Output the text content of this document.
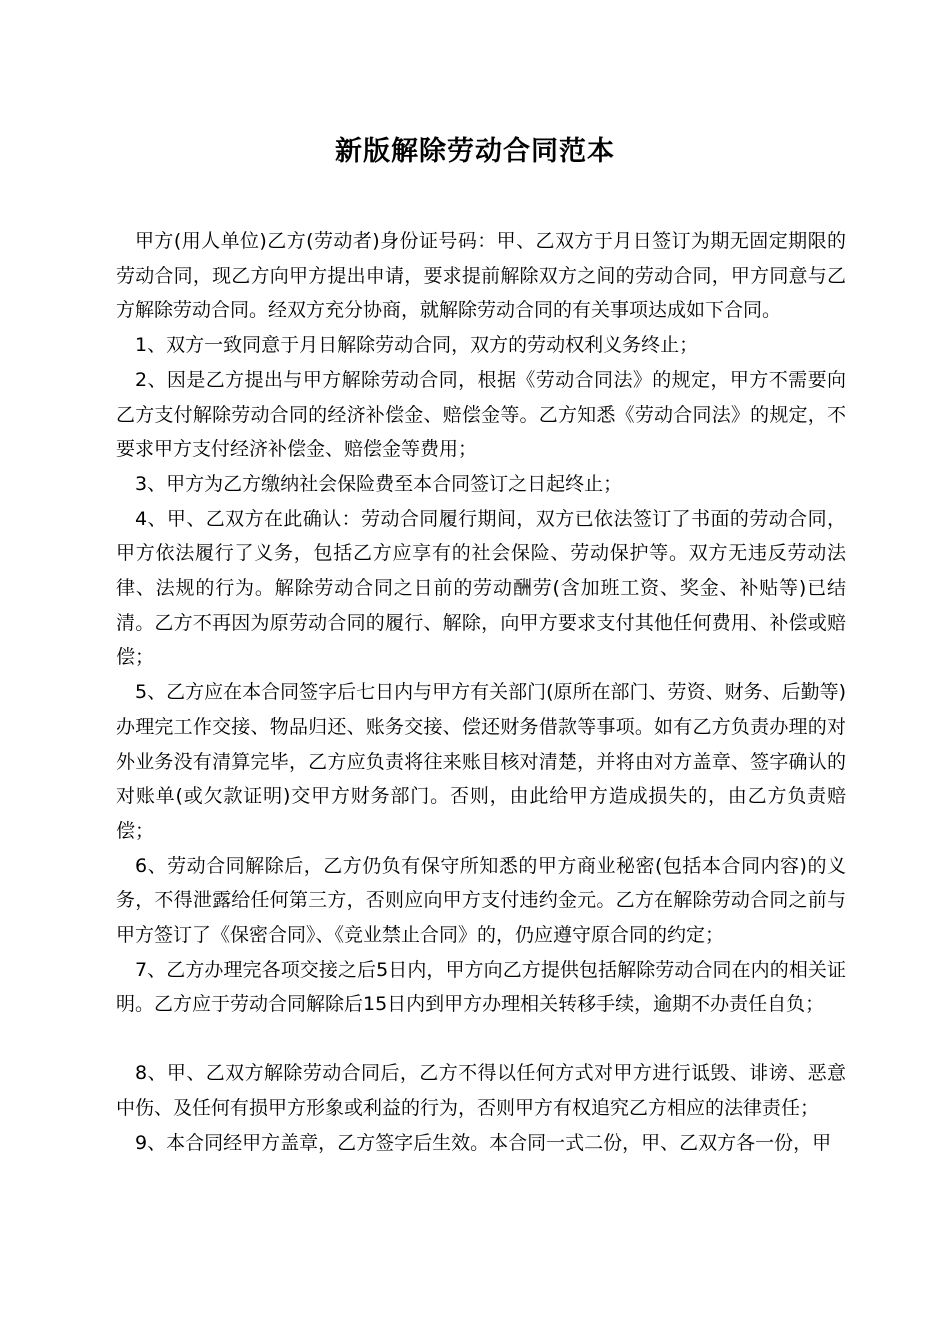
新版解除劳动合同范本

甲方(用人单位)乙方(劳动者)身份证号码：甲、乙双方于月日签订为期无固定期限的劳动合同，现乙方向甲方提出申请，要求提前解除双方之间的劳动合同，甲方同意与乙方解除劳动合同。经双方充分协商，就解除劳动合同的有关事项达成如下合同。

1、双方一致同意于月日解除劳动合同，双方的劳动权利义务终止；

2、因是乙方提出与甲方解除劳动合同，根据《劳动合同法》的规定，甲方不需要向乙方支付解除劳动合同的经济补偿金、赔偿金等。乙方知悉《劳动合同法》的规定，不要求甲方支付经济补偿金、赔偿金等费用；

3、甲方为乙方缴纳社会保险费至本合同签订之日起终止；

4、甲、乙双方在此确认：劳动合同履行期间，双方已依法签订了书面的劳动合同，甲方依法履行了义务，包括乙方应享有的社会保险、劳动保护等。双方无违反劳动法律、法规的行为。解除劳动合同之日前的劳动酬劳(含加班工资、奖金、补贴等)已结清。乙方不再因为原劳动合同的履行、解除，向甲方要求支付其他任何费用、补偿或赔偿；

5、乙方应在本合同签字后七日内与甲方有关部门(原所在部门、劳资、财务、后勤等)办理完工作交接、物品归还、账务交接、偿还财务借款等事项。如有乙方负责办理的对外业务没有清算完毕，乙方应负责将往来账目核对清楚，并将由对方盖章、签字确认的对账单(或欠款证明)交甲方财务部门。否则，由此给甲方造成损失的，由乙方负责赔偿；

6、劳动合同解除后，乙方仍负有保守所知悉的甲方商业秘密(包括本合同内容)的义务，不得泄露给任何第三方，否则应向甲方支付违约金元。乙方在解除劳动合同之前与甲方签订了《保密合同》、《竞业禁止合同》的，仍应遵守原合同的约定；

7、乙方办理完各项交接之后5日内，甲方向乙方提供包括解除劳动合同在内的相关证明。乙方应于劳动合同解除后15日内到甲方办理相关转移手续，逾期不办责任自负；

8、甲、乙双方解除劳动合同后，乙方不得以任何方式对甲方进行诋毁、诽谤、恶意中伤、及任何有损甲方形象或利益的行为，否则甲方有权追究乙方相应的法律责任；

9、本合同经甲方盖章，乙方签字后生效。本合同一式二份，甲、乙双方各一份，甲
